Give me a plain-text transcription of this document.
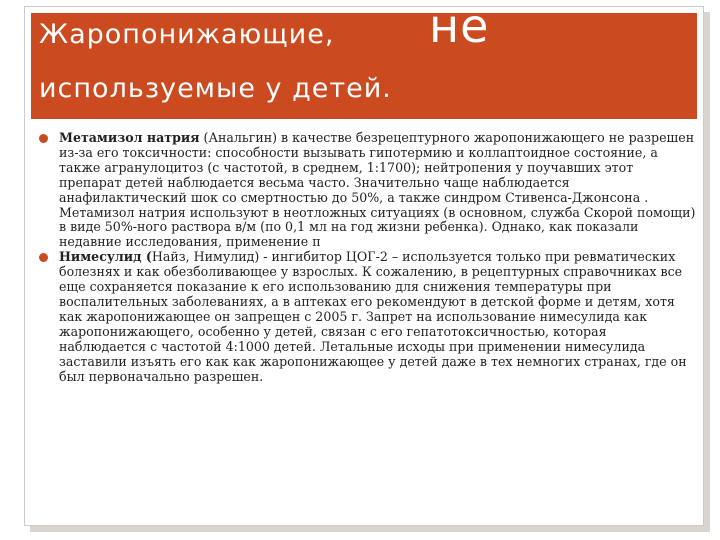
Жаропонижающие, не
используемые у детей.
Метамизол натрия (Анальгин) в качестве безрецептурного жаропонижающего не разрешен из-за его токсичности: способности вызывать гипотермию и коллаптоидное состояние, а также агранулоцитоз (с частотой, в среднем, 1:1700); нейтропения у поучавших этот препарат детей наблюдается весьма часто. Значительно чаще наблюдается анафилактический шок со смертностью до 50%, а также синдром Стивенса-Джонсона . Метамизол натрия используют в неотложных ситуациях (в основном, служба Скорой помощи) в виде 50%-ного раствора в/м (по 0,1 мл на год жизни ребенка). Однако, как показали недавние исследования, применение п
Нимесулид (Найз, Нимулид) - ингибитор ЦОГ-2 – используется только при ревматических болезнях и как обезболивающее у взрослых. К сожалению, в рецептурных справочниках все еще сохраняется показание к его использованию для снижения температуры при воспалительных заболеваниях, а в аптеках его рекомендуют в детской форме и детям, хотя как жаропонижающее он запрещен с 2005 г. Запрет на использование нимесулида как жаропонижающего, особенно у детей, связан с его гепатотоксичностью, которая наблюдается с частотой 4:1000 детей. Летальные исходы при применении нимесулида заставили изъять его как как жаропонижающее у детей даже в тех немногих странах, где он был первоначально разрешен.
